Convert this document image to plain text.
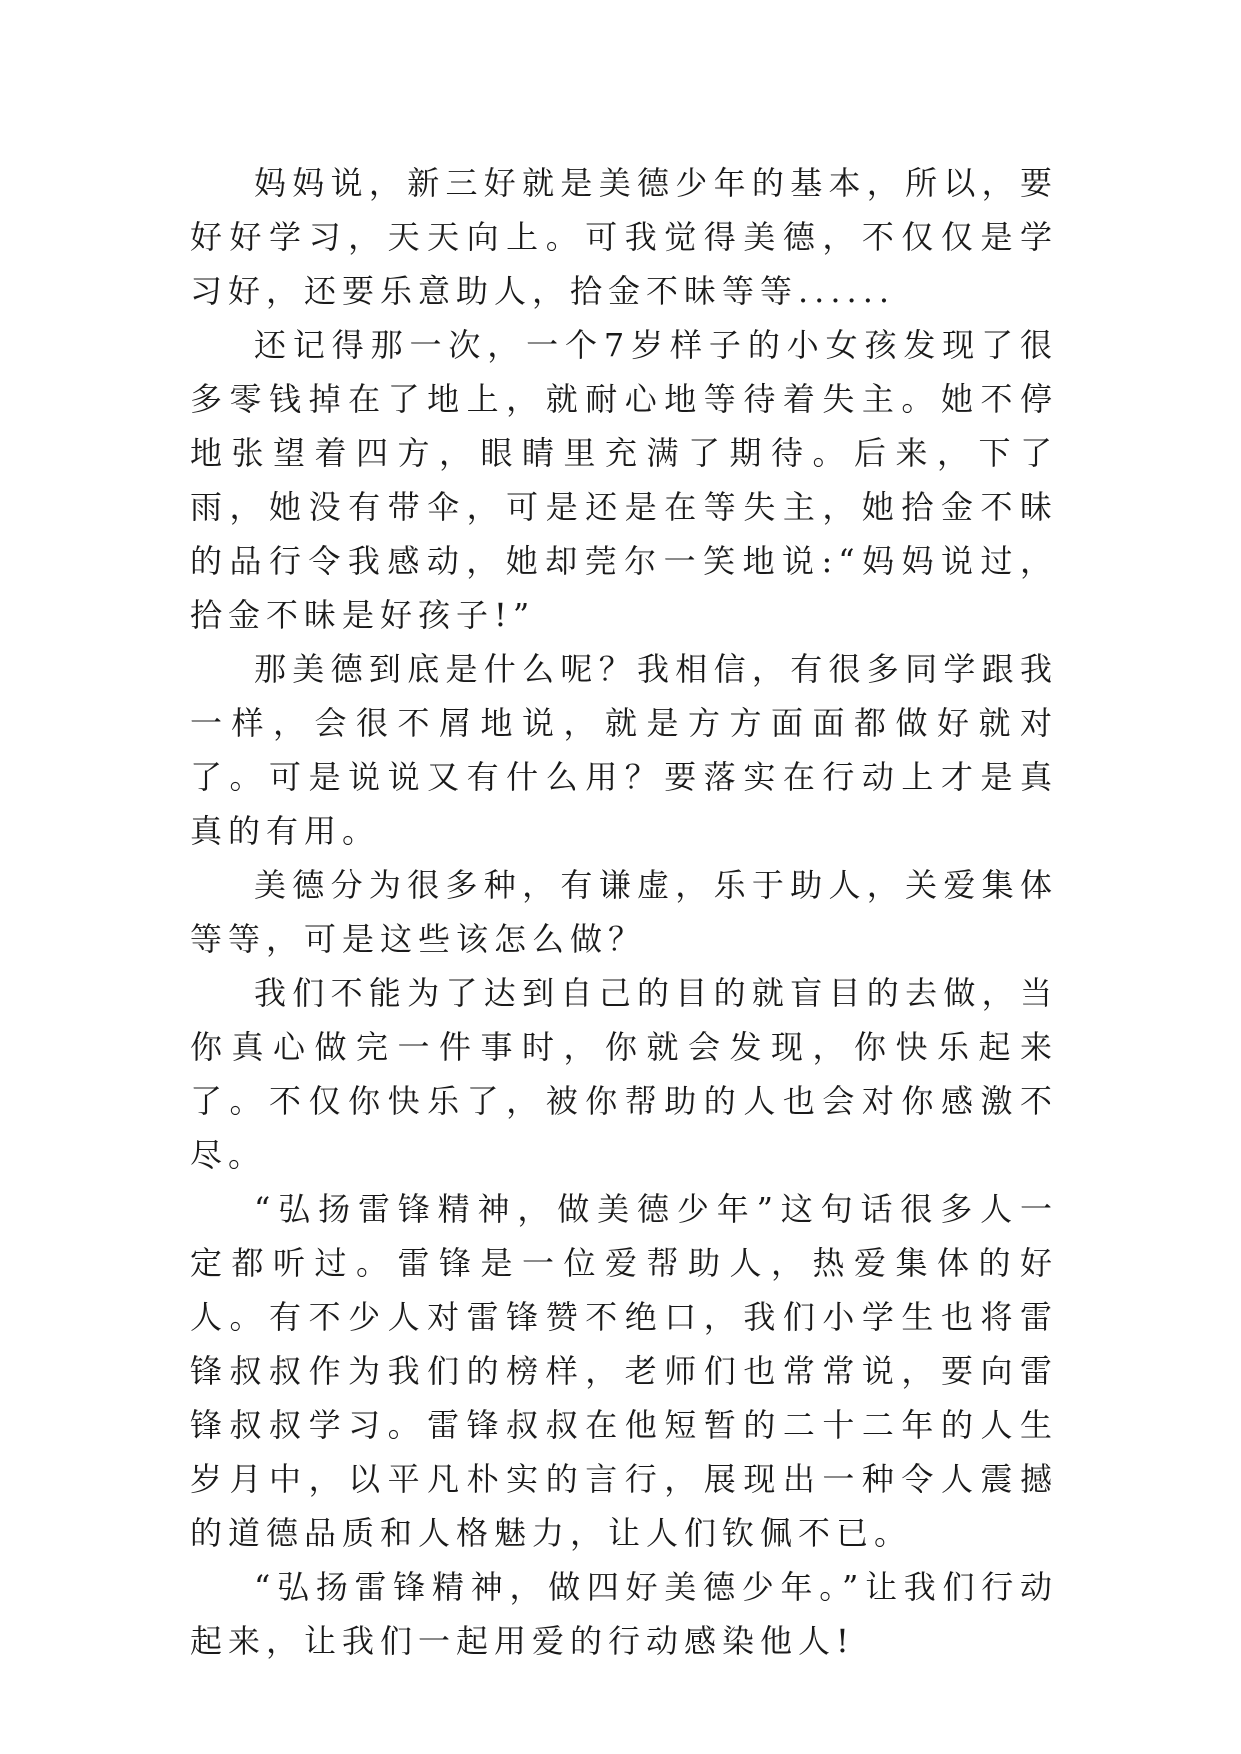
妈妈说，新三好就是美德少年的基本，所以，要好好学习，天天向上。可我觉得美德，不仅仅是学习好，还要乐意助人，拾金不昧等等......

还记得那一次，一个7岁样子的小女孩发现了很多零钱掉在了地上，就耐心地等待着失主。她不停地张望着四方，眼睛里充满了期待。后来，下了雨，她没有带伞，可是还是在等失主，她拾金不昧的品行令我感动，她却莞尔一笑地说:“妈妈说过，拾金不昧是好孩子!”

那美德到底是什么呢？我相信，有很多同学跟我一样，会很不屑地说，就是方方面面都做好就对了。可是说说又有什么用？要落实在行动上才是真真的有用。

美德分为很多种，有谦虚，乐于助人，关爱集体等等，可是这些该怎么做？

我们不能为了达到自己的目的就盲目的去做，当你真心做完一件事时，你就会发现，你快乐起来了。不仅你快乐了，被你帮助的人也会对你感激不尽。

“弘扬雷锋精神，做美德少年”这句话很多人一定都听过。雷锋是一位爱帮助人，热爱集体的好人。有不少人对雷锋赞不绝口，我们小学生也将雷锋叔叔作为我们的榜样，老师们也常常说，要向雷锋叔叔学习。雷锋叔叔在他短暂的二十二年的人生岁月中，以平凡朴实的言行，展现出一种令人震撼的道德品质和人格魅力，让人们钦佩不已。

“弘扬雷锋精神，做四好美德少年。”让我们行动起来，让我们一起用爱的行动感染他人!
